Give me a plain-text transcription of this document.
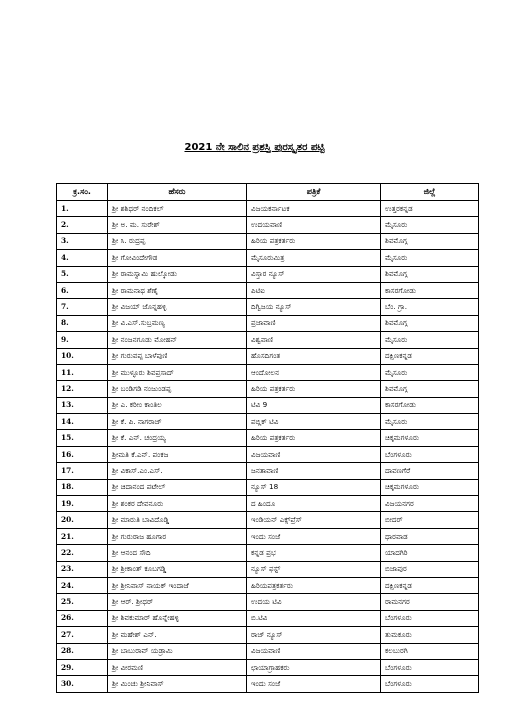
2021 ನೇ ಸಾಲಿನ ಪ್ರಶಸ್ತಿ ಪುರಸ್ಕೃತರ ಪಟ್ಟಿ
ಕ್ರ.ಸಂ.	ಹೆಸರು	ಪತ್ರಿಕೆ	ಜಿಲ್ಲೆ
1.	ಶ್ರೀ ಶಶಿಧರ್ ನಂದಿಕಲ್	ವಿಜಯಕರ್ನಾಟಕ	ಉತ್ತರಕನ್ನಡ
2.	ಶ್ರೀ ಅ. ಮ. ಸುರೇಶ್	ಉದಯವಾಣಿ	ಮೈಸೂರು
3.	ಶ್ರೀ ಸಿ. ರುದ್ರಪ್ಪ	ಹಿರಿಯ ಪತ್ರಕರ್ತರು	ಶಿವಮೊಗ್ಗ
4.	ಶ್ರೀ ಗೋವಿಂದೇಗೌಡ	ಮೈಸೂರುಮಿತ್ರ	ಮೈಸೂರು
5.	ಶ್ರೀ ರಾಮಸ್ವಾಮಿ ಹುಲ್ಕೋಡು	ವಿಸ್ತಾರ ನ್ಯೂಸ್	ಶಿವಮೊಗ್ಗ
6.	ಶ್ರೀ ರಾಮನಾಥ ಶೆಣೈ	ಪಿಟಿಐ	ಕಾಸರಗೋಡು
7.	ಶ್ರೀ ವಿಜಯ್ ಜೊನ್ನಹಳ್ಳಿ	ದಿಗ್ವಿಜಯ ನ್ಯೂಸ್	ಬೆಂ. ಗ್ರಾ.
8.	ಶ್ರೀ ವಿ.ಎಸ್.ಸುಬ್ರಮಣ್ಯ	ಪ್ರಜಾವಾಣಿ	ಶಿವಮೊಗ್ಗ
9.	ಶ್ರೀ ನಂಜನಗೂಡು ಮೋಹನ್	ವಿಶ್ವವಾಣಿ	ಮೈಸೂರು
10.	ಶ್ರೀ ಗುರುವಪ್ಪ ಬಾಳೆಪುಣಿ	ಹೊಸದಿಗಂತ	ದಕ್ಷಿಣಕನ್ನಡ
11.	ಶ್ರೀ ಮುಳ್ಳೂರು ಶಿವಪ್ರಸಾದ್	ಆಂದೋಲನ	ಮೈಸೂರು
12.	ಶ್ರೀ ಬಂಡಿಗಡಿ ನಂಜುಂಡಪ್ಪ	ಹಿರಿಯ ಪತ್ರಕರ್ತರು	ಶಿವಮೊಗ್ಗ
13.	ಶ್ರೀ ಎ. ಕರೀಂ ಕಾಂತಿಲ	ಟಿವಿ 9	ಕಾಸರಗೋಡು
14.	ಶ್ರೀ ಕೆ. ಪಿ. ನಾಗರಾಜ್	ಪಬ್ಲಿಕ್ ಟಿವಿ	ಮೈಸೂರು
15.	ಶ್ರೀ ಕೆ. ಎನ್. ಚಂದ್ರಯ್ಯ	ಹಿರಿಯ ಪತ್ರಕರ್ತರು	ಚಿಕ್ಕಮಗಳೂರು
16.	ಶ್ರೀಮತಿ ಕೆ.ಎನ್. ಪಂಕಜ	ವಿಜಯವಾಣಿ	ಬೆಂಗಳೂರು
17.	ಶ್ರೀ ವಿಕಾಸ್.ಎಂ.ಎಸ್.	ಜನತಾವಾಣಿ	ದಾವಣಗೆರೆ
18.	ಶ್ರೀ ಚಿದಾನಂದ ಪಟೇಲ್	ನ್ಯೂಸ್ 18	ಚಿಕ್ಕಮಗಳೂರು
19.	ಶ್ರೀ ಶಂಕರ ದೇವನೂರು	ದ ಹಿಂದೂ	ವಿಜಯನಗರ
20.	ಶ್ರೀ ಮಾರುತಿ ಬಾವಿದೊಡ್ಡಿ	ಇಂಡಿಯನ್ ಎಕ್ಸ್‌ಪ್ರೆಸ್	ಬೀದರ್
21.	ಶ್ರೀ ಗುರುರಾಜ ಹೂಗಾರ	ಇಂದು ಸಂಜೆ	ಧಾರವಾಡ
22.	ಶ್ರೀ ಆನಂದ ಸೌದಿ	ಕನ್ನಡ ಪ್ರಭ	ಯಾದಗಿರಿ
23.	ಶ್ರೀ ಶ್ರೀಕಾಂತ್ ಕೂಬಗಡ್ಡಿ	ನ್ಯೂಸ್ ಫಸ್ಟ್	ಬಿಜಾಪುರ
24.	ಶ್ರೀ ಶ್ರೀನಿವಾಸ್ ನಾಯಕ್ ಇಂದಾಜೆ	ಹಿರಿಯಪತ್ರಕರ್ತರು	ದಕ್ಷಿಣಕನ್ನಡ
25.	ಶ್ರೀ ಆರ್. ಶ್ರೀಧರ್	ಉದಯ ಟಿವಿ	ರಾಮನಗರ
26.	ಶ್ರೀ ಶಿವಕುಮಾರ್ ಹೊನ್ನೇಹಳ್ಳಿ	ಬಿ.ಟಿವಿ	ಬೆಂಗಳೂರು
27.	ಶ್ರೀ ಮಹೇಶ್ ಎನ್.	ರಾಜ್ ನ್ಯೂಸ್	ತುಮಕೂರು
28.	ಶ್ರೀ ಬಾಬುರಾವ್ ಯಡ್ರಾಮಿ	ವಿಜಯವಾಣಿ	ಕಲಬುರಗಿ
29.	ಶ್ರೀ ವೀರಮಣಿ	ಛಾಯಾಗ್ರಾಹಕರು	ಬೆಂಗಳೂರು
30.	ಶ್ರೀ ಮಿಂಚು ಶ್ರೀನಿವಾಸ್	ಇಂದು ಸಂಜೆ	ಬೆಂಗಳೂರು
